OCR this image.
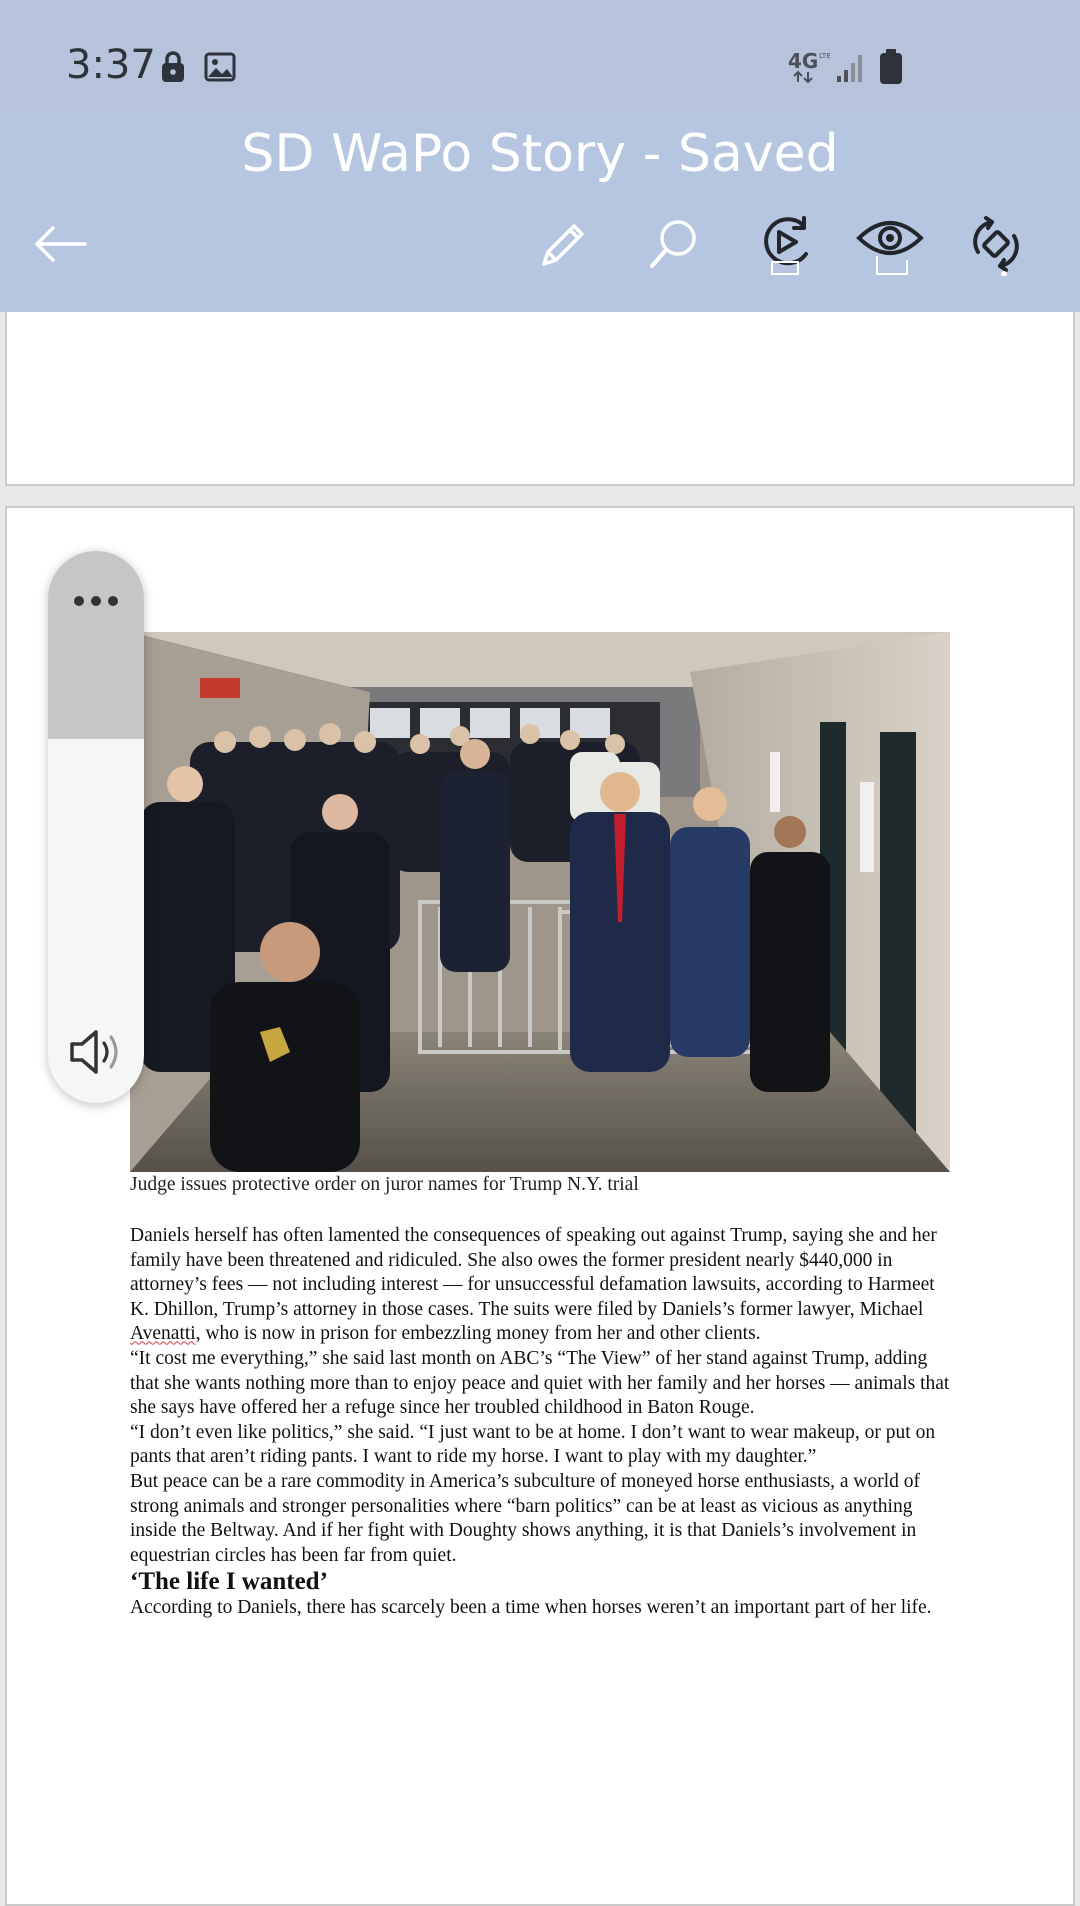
3:37	4G LTE
SD WaPo Story - Saved
Judge issues protective order on juror names for Trump N.Y. trial

Daniels herself has often lamented the consequences of speaking out against Trump, saying she and her family have been threatened and ridiculed. She also owes the former president nearly $440,000 in attorney’s fees — not including interest — for unsuccessful defamation lawsuits, according to Harmeet K. Dhillon, Trump’s attorney in those cases. The suits were filed by Daniels’s former lawyer, Michael Avenatti, who is now in prison for embezzling money from her and other clients.

“It cost me everything,” she said last month on ABC’s “The View” of her stand against Trump, adding that she wants nothing more than to enjoy peace and quiet with her family and her horses — animals that she says have offered her a refuge since her troubled childhood in Baton Rouge.

“I don’t even like politics,” she said. “I just want to be at home. I don’t want to wear makeup, or put on pants that aren’t riding pants. I want to ride my horse. I want to play with my daughter.”

But peace can be a rare commodity in America’s subculture of moneyed horse enthusiasts, a world of strong animals and stronger personalities where “barn politics” can be at least as vicious as anything inside the Beltway. And if her fight with Doughty shows anything, it is that Daniels’s involvement in equestrian circles has been far from quiet.

‘The life I wanted’

According to Daniels, there has scarcely been a time when horses weren’t an important part of her life.
